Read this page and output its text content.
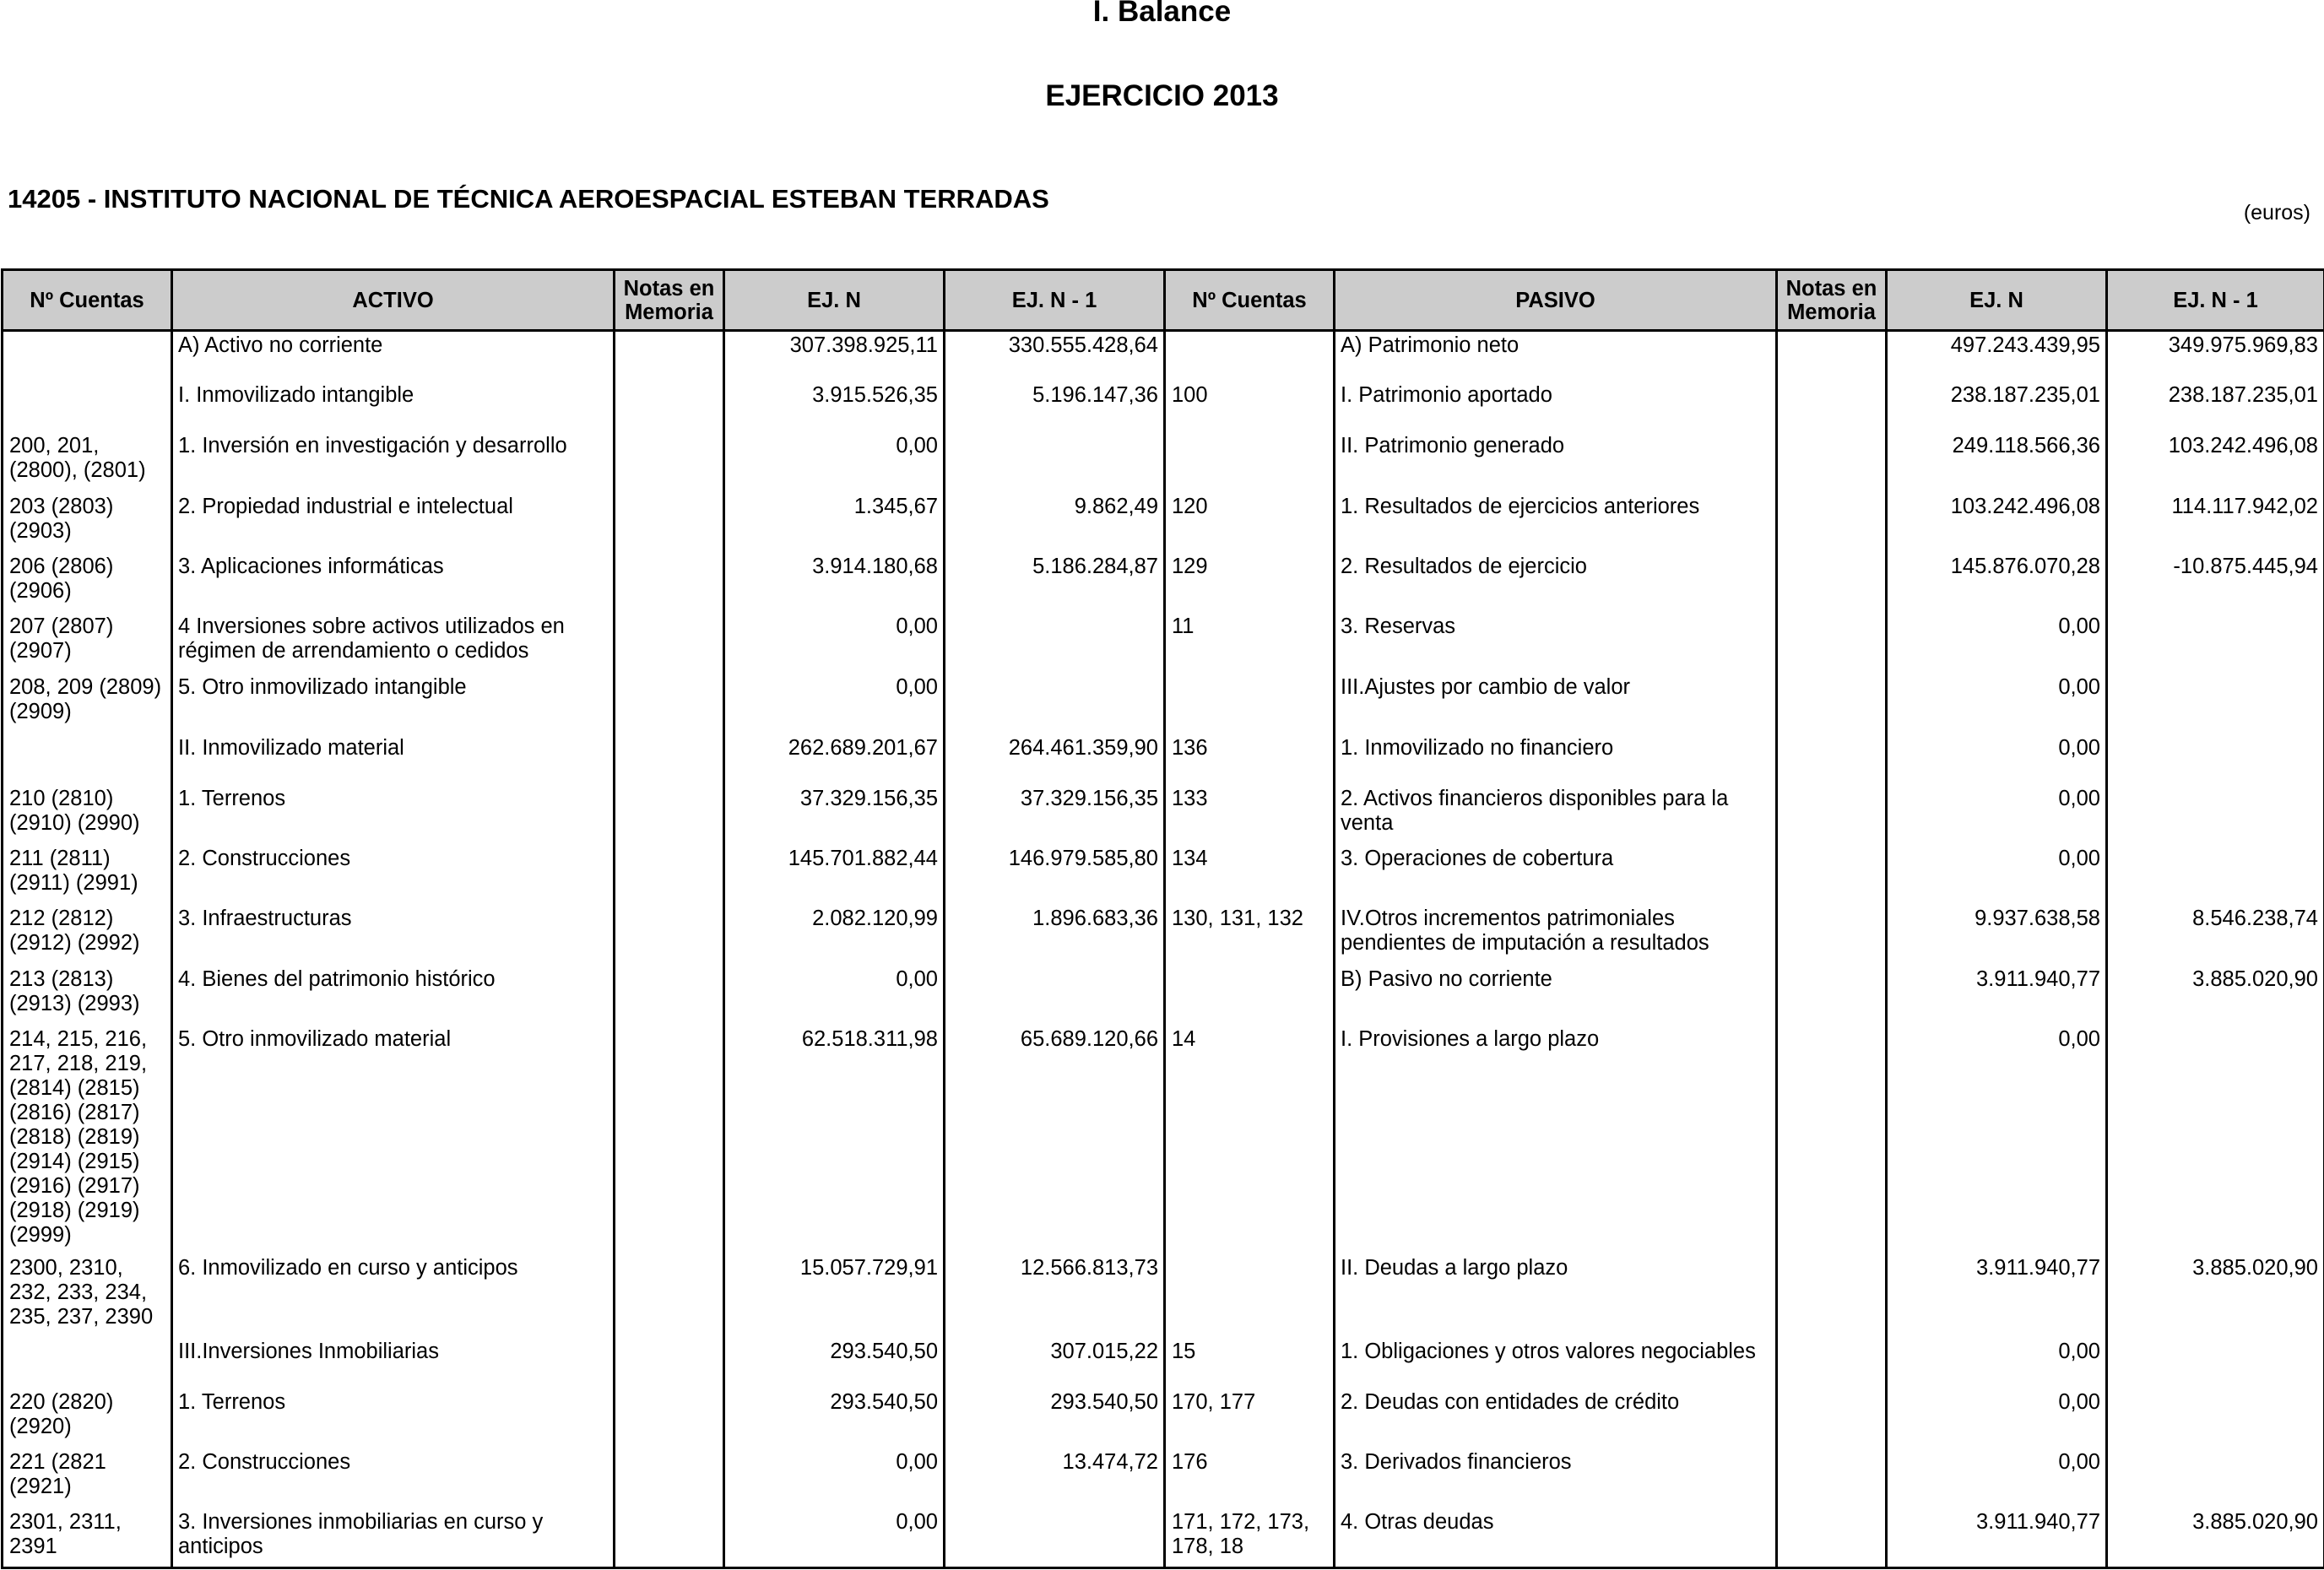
I. Balance
EJERCICIO 2013
14205 - INSTITUTO NACIONAL DE TÉCNICA AEROESPACIAL ESTEBAN TERRADAS	(euros)
Nº Cuentas	ACTIVO	Notas en Memoria	EJ. N	EJ. N - 1	Nº Cuentas	PASIVO	Notas en Memoria	EJ. N	EJ. N - 1
	A) Activo no corriente		307.398.925,11	330.555.428,64		A) Patrimonio neto		497.243.439,95	349.975.969,83
	I. Inmovilizado intangible		3.915.526,35	5.196.147,36	100	I. Patrimonio aportado		238.187.235,01	238.187.235,01
200, 201, (2800), (2801)	1. Inversión en investigación y desarrollo		0,00			II. Patrimonio generado		249.118.566,36	103.242.496,08
203 (2803) (2903)	2. Propiedad industrial e intelectual		1.345,67	9.862,49	120	1. Resultados de ejercicios anteriores		103.242.496,08	114.117.942,02
206 (2806) (2906)	3. Aplicaciones informáticas		3.914.180,68	5.186.284,87	129	2. Resultados de ejercicio		145.876.070,28	-10.875.445,94
207 (2807) (2907)	4 Inversiones sobre activos utilizados en régimen de arrendamiento o cedidos		0,00		11	3. Reservas		0,00	
208, 209 (2809) (2909)	5. Otro inmovilizado intangible		0,00			III.Ajustes por cambio de valor		0,00	
	II. Inmovilizado material		262.689.201,67	264.461.359,90	136	1. Inmovilizado no financiero		0,00	
210 (2810) (2910) (2990)	1. Terrenos		37.329.156,35	37.329.156,35	133	2. Activos financieros disponibles para la venta		0,00	
211 (2811) (2911) (2991)	2. Construcciones		145.701.882,44	146.979.585,80	134	3. Operaciones de cobertura		0,00	
212 (2812) (2912) (2992)	3. Infraestructuras		2.082.120,99	1.896.683,36	130, 131, 132	IV.Otros incrementos patrimoniales pendientes de imputación a resultados		9.937.638,58	8.546.238,74
213 (2813) (2913) (2993)	4. Bienes del patrimonio histórico		0,00			B) Pasivo no corriente		3.911.940,77	3.885.020,90
214, 215, 216, 217, 218, 219, (2814) (2815) (2816) (2817) (2818) (2819) (2914) (2915) (2916) (2917) (2918) (2919) (2999)	5. Otro inmovilizado material		62.518.311,98	65.689.120,66	14	I. Provisiones a largo plazo		0,00	
2300, 2310, 232, 233, 234, 235, 237, 2390	6. Inmovilizado en curso y anticipos		15.057.729,91	12.566.813,73		II. Deudas a largo plazo		3.911.940,77	3.885.020,90
	III.Inversiones Inmobiliarias		293.540,50	307.015,22	15	1. Obligaciones y otros valores negociables		0,00	
220 (2820) (2920)	1. Terrenos		293.540,50	293.540,50	170, 177	2. Deudas con entidades de crédito		0,00	
221 (2821 (2921)	2. Construcciones		0,00	13.474,72	176	3. Derivados financieros		0,00	
2301, 2311, 2391	3. Inversiones inmobiliarias en curso y anticipos		0,00		171, 172, 173, 178, 18	4. Otras deudas		3.911.940,77	3.885.020,90
